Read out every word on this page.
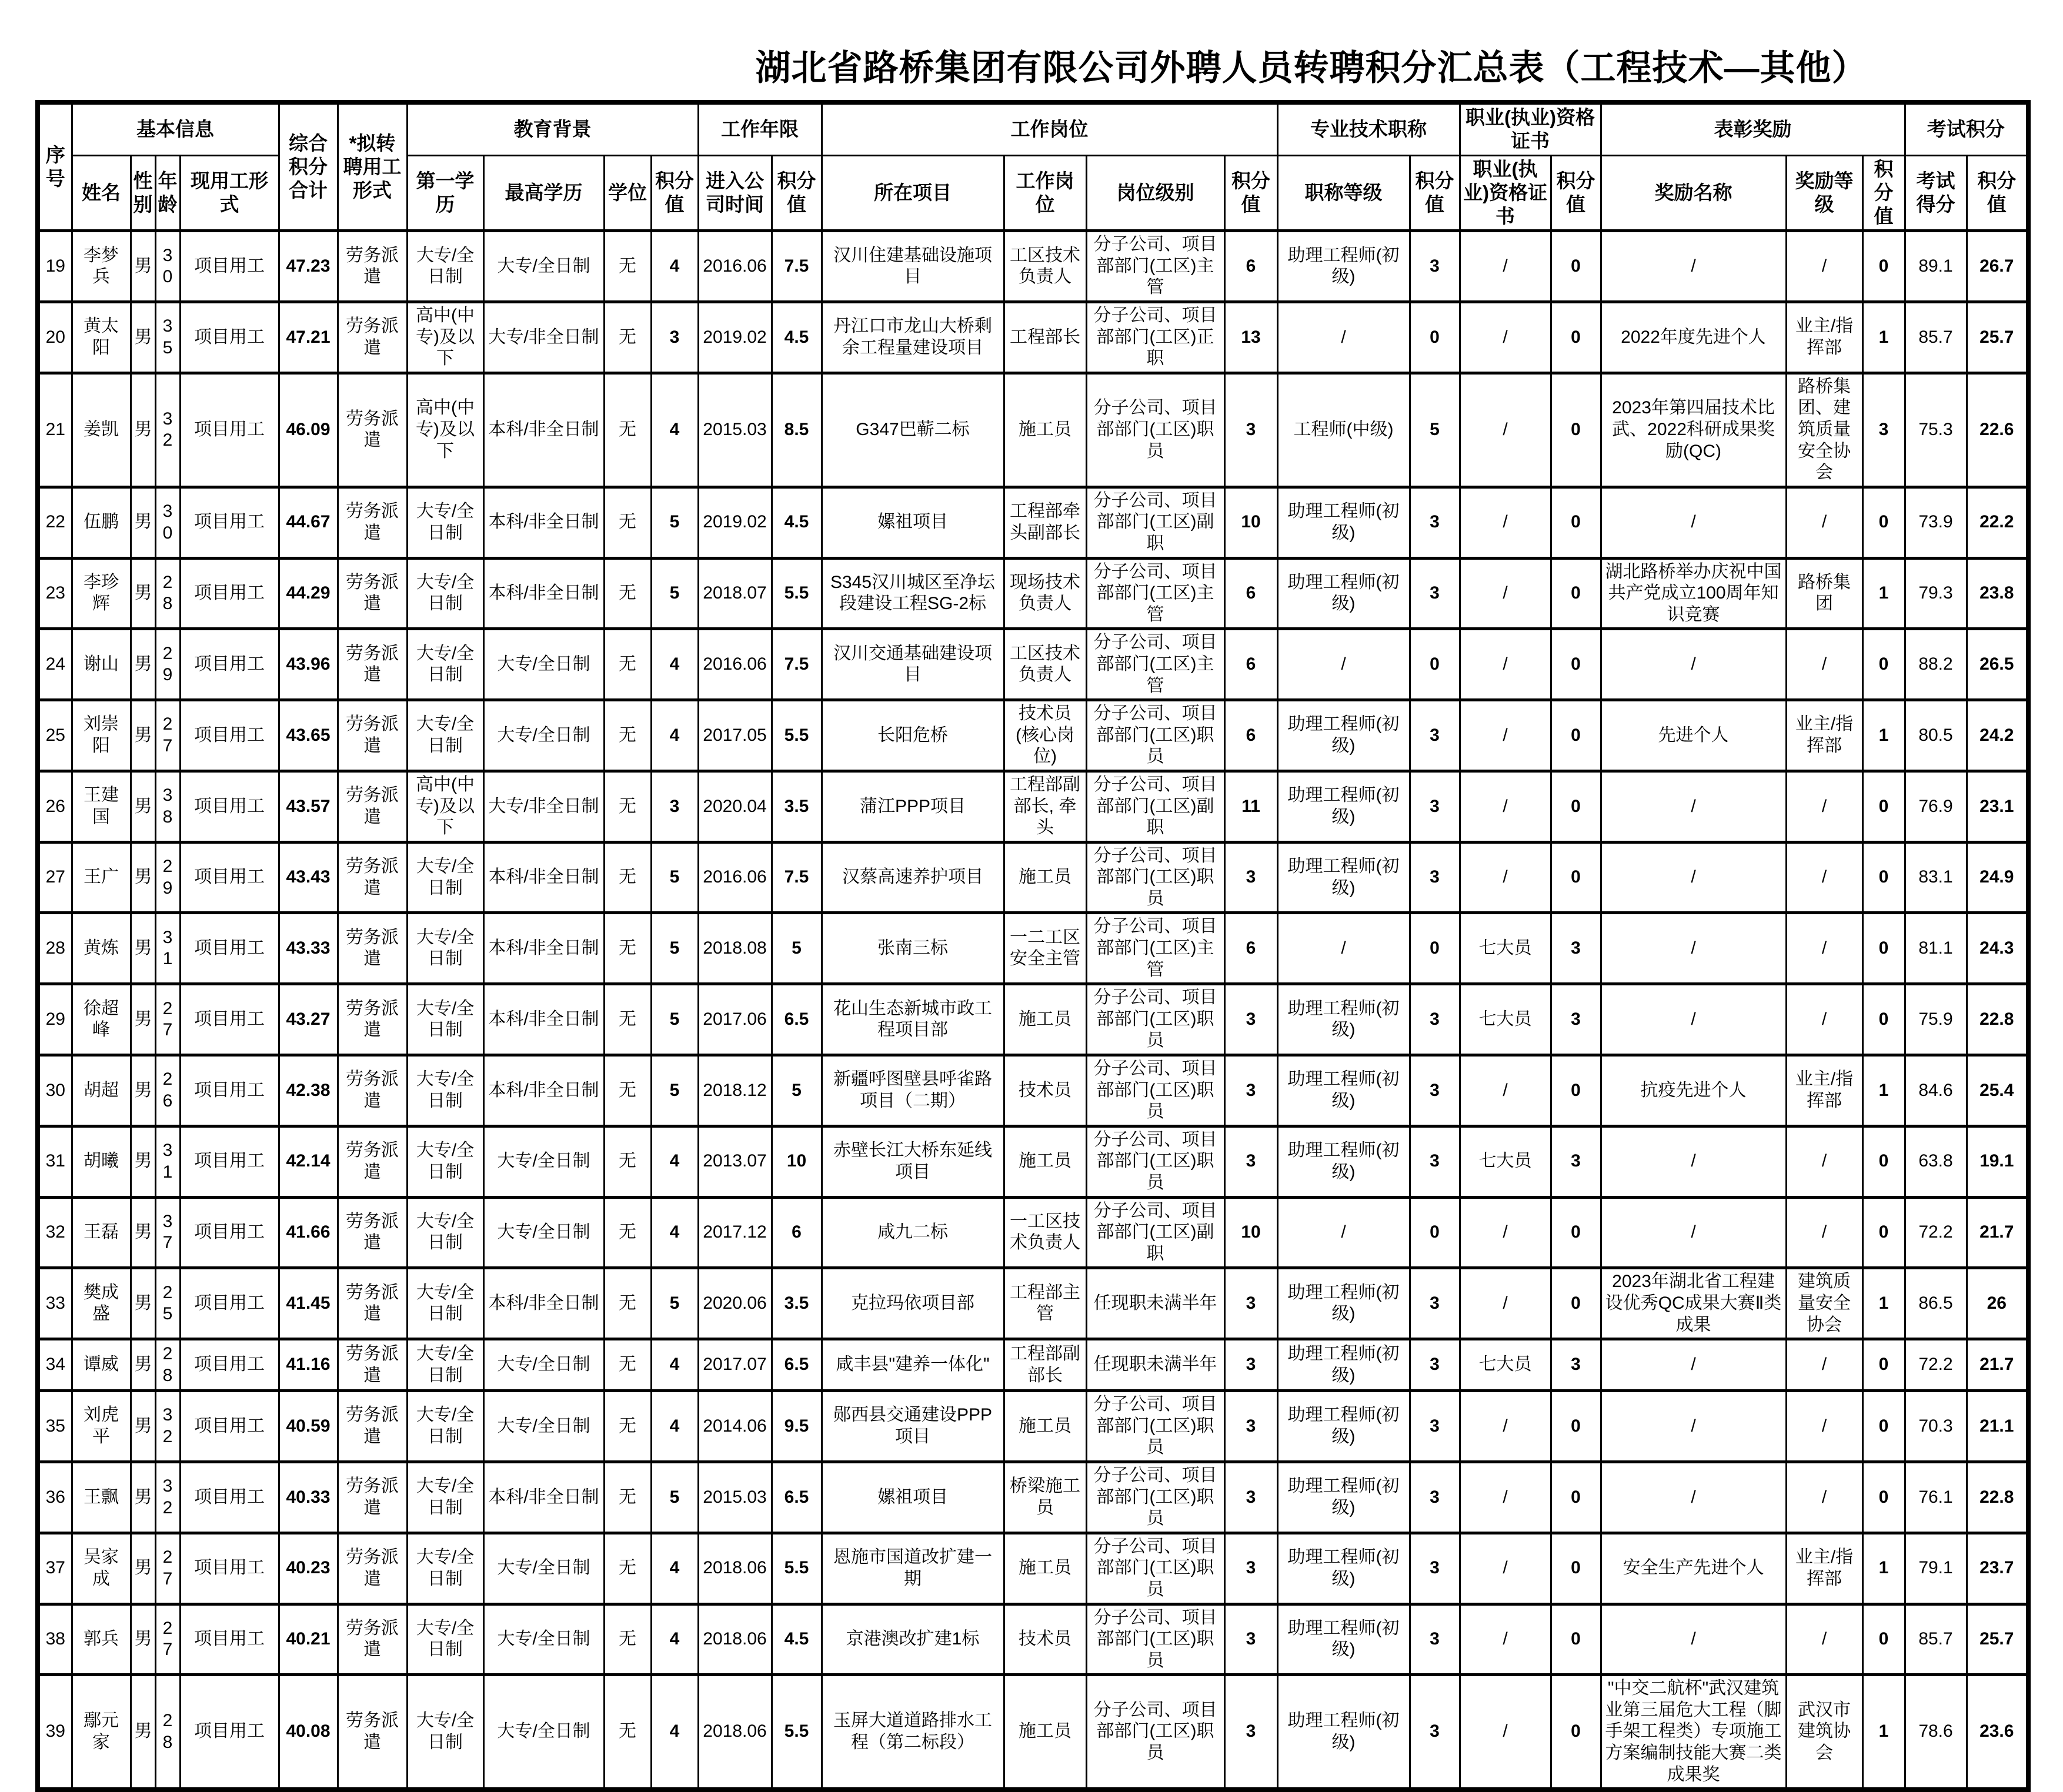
湖北省路桥集团有限公司外聘人员转聘积分汇总表（工程技术—其他）
序号	基本信息				综合积分合计	*拟转聘用工形式	教育背景				工作年限		工作岗位				专业技术职称		职业(执业)资格证书		表彰奖励			考试积分	
	姓名	性别	年龄	现用工形式			第一学历	最高学历	学位	积分值	进入公司时间	积分值	所在项目	工作岗位	岗位级别	积分值	职称等级	积分值	职业(执业)资格证书	积分值	奖励名称	奖励等级	积分值	考试得分	积分值
19	李梦兵	男	30	项目用工	47.23	劳务派遣	大专/全日制	大专/全日制	无	4	2016.06	7.5	汉川住建基础设施项目	工区技术负责人	分子公司、项目部部门(工区)主管	6	助理工程师(初级)	3	/	0	/	/	0	89.1	26.7
20	黄太阳	男	35	项目用工	47.21	劳务派遣	高中(中专)及以下	大专/非全日制	无	3	2019.02	4.5	丹江口市龙山大桥剩余工程量建设项目	工程部长	分子公司、项目部部门(工区)正职	13	/	0	/	0	2022年度先进个人	业主/指挥部	1	85.7	25.7
21	姜凯	男	32	项目用工	46.09	劳务派遣	高中(中专)及以下	本科/非全日制	无	4	2015.03	8.5	G347巴蕲二标	施工员	分子公司、项目部部门(工区)职员	3	工程师(中级)	5	/	0	2023年第四届技术比武、2022科研成果奖励(QC)	路桥集团、建筑质量安全协会	3	75.3	22.6
22	伍鹏	男	30	项目用工	44.67	劳务派遣	大专/全日制	本科/非全日制	无	5	2019.02	4.5	嫘祖项目	工程部牵头副部长	分子公司、项目部部门(工区)副职	10	助理工程师(初级)	3	/	0	/	/	0	73.9	22.2
23	李珍辉	男	28	项目用工	44.29	劳务派遣	大专/全日制	本科/非全日制	无	5	2018.07	5.5	S345汉川城区至净坛段建设工程SG-2标	现场技术负责人	分子公司、项目部部门(工区)主管	6	助理工程师(初级)	3	/	0	湖北路桥举办庆祝中国共产党成立100周年知识竞赛	路桥集团	1	79.3	23.8
24	谢山	男	29	项目用工	43.96	劳务派遣	大专/全日制	大专/全日制	无	4	2016.06	7.5	汉川交通基础建设项目	工区技术负责人	分子公司、项目部部门(工区)主管	6	/	0	/	0	/	/	0	88.2	26.5
25	刘崇阳	男	27	项目用工	43.65	劳务派遣	大专/全日制	大专/全日制	无	4	2017.05	5.5	长阳危桥	技术员(核心岗位)	分子公司、项目部部门(工区)职员	6	助理工程师(初级)	3	/	0	先进个人	业主/指挥部	1	80.5	24.2
26	王建国	男	38	项目用工	43.57	劳务派遣	高中(中专)及以下	大专/非全日制	无	3	2020.04	3.5	蒲江PPP项目	工程部副部长, 牵头	分子公司、项目部部门(工区)副职	11	助理工程师(初级)	3	/	0	/	/	0	76.9	23.1
27	王广	男	29	项目用工	43.43	劳务派遣	大专/全日制	本科/非全日制	无	5	2016.06	7.5	汉蔡高速养护项目	施工员	分子公司、项目部部门(工区)职员	3	助理工程师(初级)	3	/	0	/	/	0	83.1	24.9
28	黄炼	男	31	项目用工	43.33	劳务派遣	大专/全日制	本科/非全日制	无	5	2018.08	5	张南三标	一二工区安全主管	分子公司、项目部部门(工区)主管	6	/	0	七大员	3	/	/	0	81.1	24.3
29	徐超峰	男	27	项目用工	43.27	劳务派遣	大专/全日制	本科/非全日制	无	5	2017.06	6.5	花山生态新城市政工程项目部	施工员	分子公司、项目部部门(工区)职员	3	助理工程师(初级)	3	七大员	3	/	/	0	75.9	22.8
30	胡超	男	26	项目用工	42.38	劳务派遣	大专/全日制	本科/非全日制	无	5	2018.12	5	新疆呼图壁县呼雀路项目（二期）	技术员	分子公司、项目部部门(工区)职员	3	助理工程师(初级)	3	/	0	抗疫先进个人	业主/指挥部	1	84.6	25.4
31	胡曦	男	31	项目用工	42.14	劳务派遣	大专/全日制	大专/全日制	无	4	2013.07	10	赤壁长江大桥东延线项目	施工员	分子公司、项目部部门(工区)职员	3	助理工程师(初级)	3	七大员	3	/	/	0	63.8	19.1
32	王磊	男	37	项目用工	41.66	劳务派遣	大专/全日制	大专/全日制	无	4	2017.12	6	咸九二标	一工区技术负责人	分子公司、项目部部门(工区)副职	10	/	0	/	0	/	/	0	72.2	21.7
33	樊成盛	男	25	项目用工	41.45	劳务派遣	大专/全日制	本科/非全日制	无	5	2020.06	3.5	克拉玛依项目部	工程部主管	任现职未满半年	3	助理工程师(初级)	3	/	0	2023年湖北省工程建设优秀QC成果大赛Ⅱ类成果	建筑质量安全协会	1	86.5	26
34	谭威	男	28	项目用工	41.16	劳务派遣	大专/全日制	大专/全日制	无	4	2017.07	6.5	咸丰县"建养一体化"	工程部副部长	任现职未满半年	3	助理工程师(初级)	3	七大员	3	/	/	0	72.2	21.7
35	刘虎平	男	32	项目用工	40.59	劳务派遣	大专/全日制	大专/全日制	无	4	2014.06	9.5	郧西县交通建设PPP项目	施工员	分子公司、项目部部门(工区)职员	3	助理工程师(初级)	3	/	0	/	/	0	70.3	21.1
36	王飘	男	32	项目用工	40.33	劳务派遣	大专/全日制	本科/非全日制	无	5	2015.03	6.5	嫘祖项目	桥梁施工员	分子公司、项目部部门(工区)职员	3	助理工程师(初级)	3	/	0	/	/	0	76.1	22.8
37	吴家成	男	27	项目用工	40.23	劳务派遣	大专/全日制	大专/全日制	无	4	2018.06	5.5	恩施市国道改扩建一期	施工员	分子公司、项目部部门(工区)职员	3	助理工程师(初级)	3	/	0	安全生产先进个人	业主/指挥部	1	79.1	23.7
38	郭兵	男	27	项目用工	40.21	劳务派遣	大专/全日制	大专/全日制	无	4	2018.06	4.5	京港澳改扩建1标	技术员	分子公司、项目部部门(工区)职员	3	助理工程师(初级)	3	/	0	/	/	0	85.7	25.7
39	鄢元家	男	28	项目用工	40.08	劳务派遣	大专/全日制	大专/全日制	无	4	2018.06	5.5	玉屏大道道路排水工程（第二标段）	施工员	分子公司、项目部部门(工区)职员	3	助理工程师(初级)	3	/	0	"中交二航杯"武汉建筑业第三届危大工程（脚手架工程类）专项施工方案编制技能大赛二类成果奖	武汉市建筑协会	1	78.6	23.6
